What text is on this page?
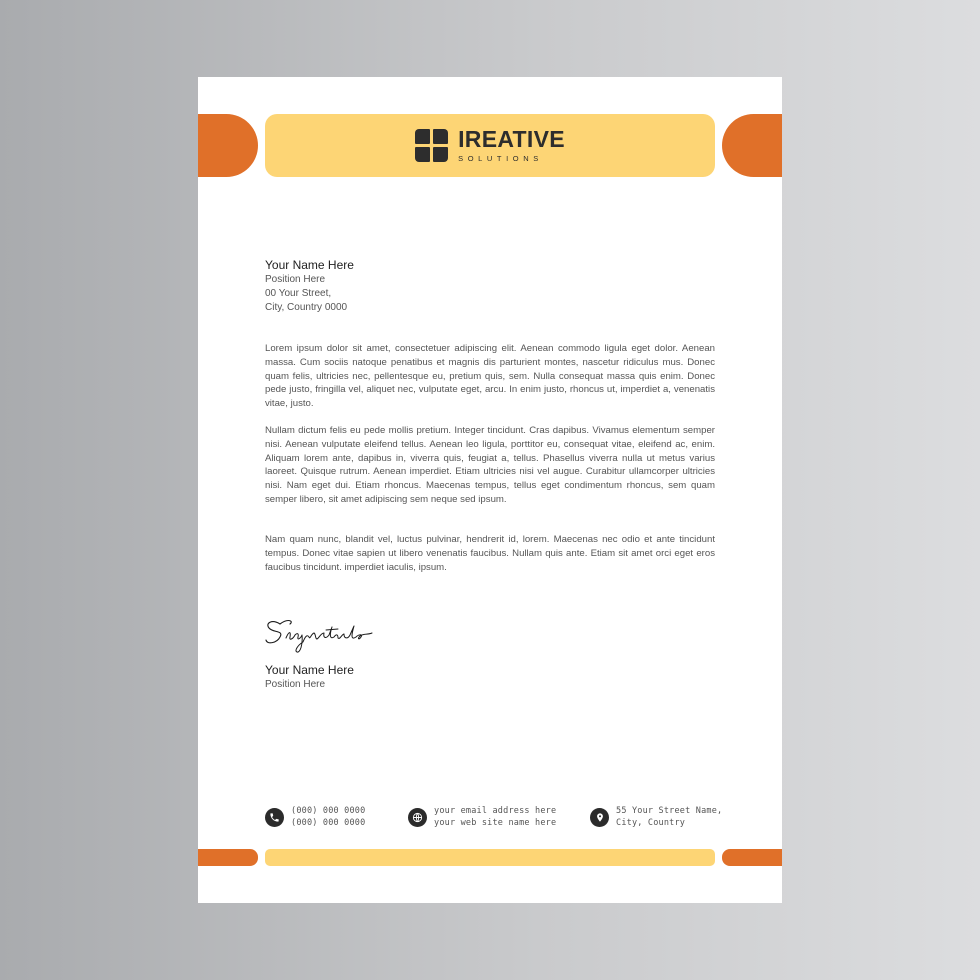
IREATIVE
SOLUTIONS
Your Name Here
Position Here
00 Your Street,
City, Country 0000

Lorem ipsum dolor sit amet, consectetuer adipiscing elit. Aenean commodo ligula eget dolor. Aenean massa. Cum sociis natoque penatibus et magnis dis parturient montes, nascetur ridiculus mus. Donec quam felis, ultricies nec, pellentesque eu, pretium quis, sem. Nulla consequat massa quis enim. Donec pede justo, fringilla vel, aliquet nec, vulputate eget, arcu. In enim justo, rhoncus ut, imperdiet a, venenatis vitae, justo.

Nullam dictum felis eu pede mollis pretium. Integer tincidunt. Cras dapibus. Vivamus elementum semper nisi. Aenean vulputate eleifend tellus. Aenean leo ligula, porttitor eu, consequat vitae, eleifend ac, enim. Aliquam lorem ante, dapibus in, viverra quis, feugiat a, tellus. Phasellus viverra nulla ut metus varius laoreet. Quisque rutrum. Aenean imperdiet. Etiam ultricies nisi vel augue. Curabitur ullamcorper ultricies nisi. Nam eget dui. Etiam rhoncus. Maecenas tempus, tellus eget condimentum rhoncus, sem quam semper libero, sit amet adipiscing sem neque sed ipsum.

Nam quam nunc, blandit vel, luctus pulvinar, hendrerit id, lorem. Maecenas nec odio et ante tincidunt tempus. Donec vitae sapien ut libero venenatis faucibus. Nullam quis ante. Etiam sit amet orci eget eros faucibus tincidunt. imperdiet iaculis, ipsum.

Your Name Here
Position Here
(000) 000 0000
(000) 000 0000
your email address here
your web site name here
55 Your Street Name,
City, Country
